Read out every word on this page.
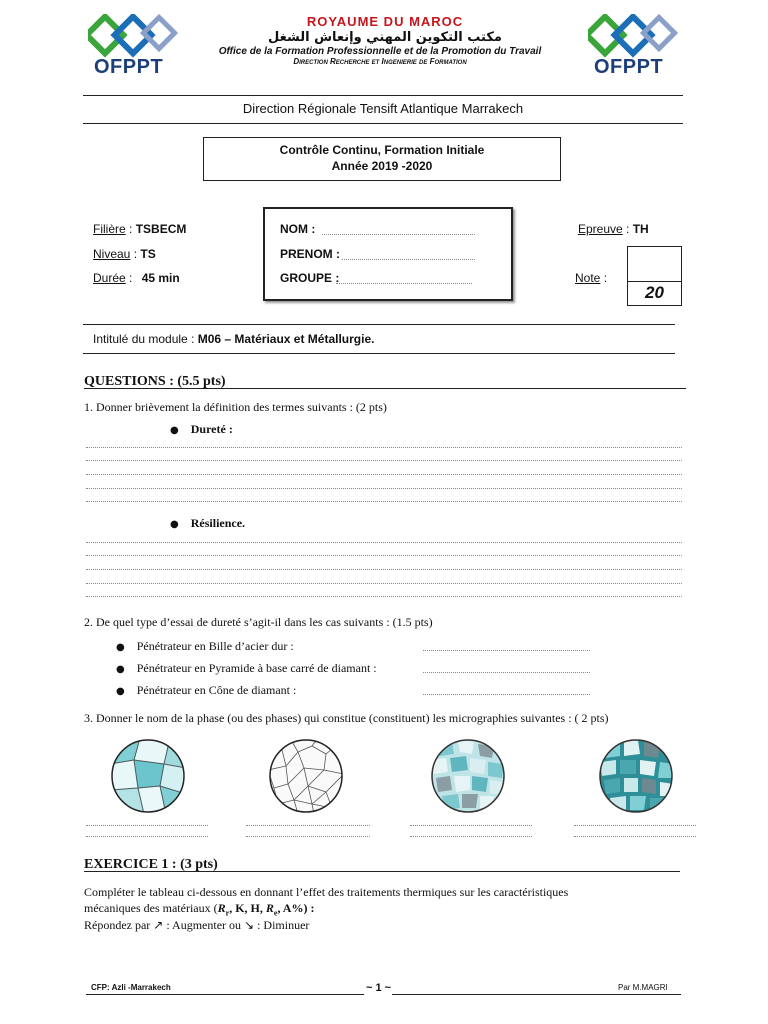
OFPPT
ROYAUME DU MAROC
مكتب التكوين المهني وإنعاش الشغل
Office de la Formation Professionnelle et de la Promotion du Travail
Direction Recherche et Ingenierie de Formation	OFPPT
Direction Régionale Tensift Atlantique Marrakech
Contrôle Continu, Formation Initiale
Année 2019 -2020
Filière : TSBECM
Niveau : TS
Durée : 45 min
NOM :
PRENOM :
GROUPE :
Epreuve : TH
Note :
20
Intitulé du module : M06 – Matériaux et Métallurgie.
QUESTIONS : (5.5 pts)
1. Donner brièvement la définition des termes suivants : (2 pts)
● Dureté :
● Résilience.
2. De quel type d’essai de dureté s’agit-il dans les cas suivants : (1.5 pts)
● Pénétrateur en Bille d’acier dur :
● Pénétrateur en Pyramide à base carré de diamant :
● Pénétrateur en Cône de diamant :
3. Donner le nom de la phase (ou des phases) qui constitue (constituent) les micrographies suivantes : ( 2 pts)
EXERCICE 1 : (3 pts)
Compléter le tableau ci-dessous en donnant l’effet des traitements thermiques sur les caractéristiques
mécaniques des matériaux ($R_r$, K, H, $R_e$, A%) :
Répondez par ↗ : Augmenter ou ↘ : Diminuer
CFP: Azli -Marrakech	~ 1 ~	Par M.MAGRI
